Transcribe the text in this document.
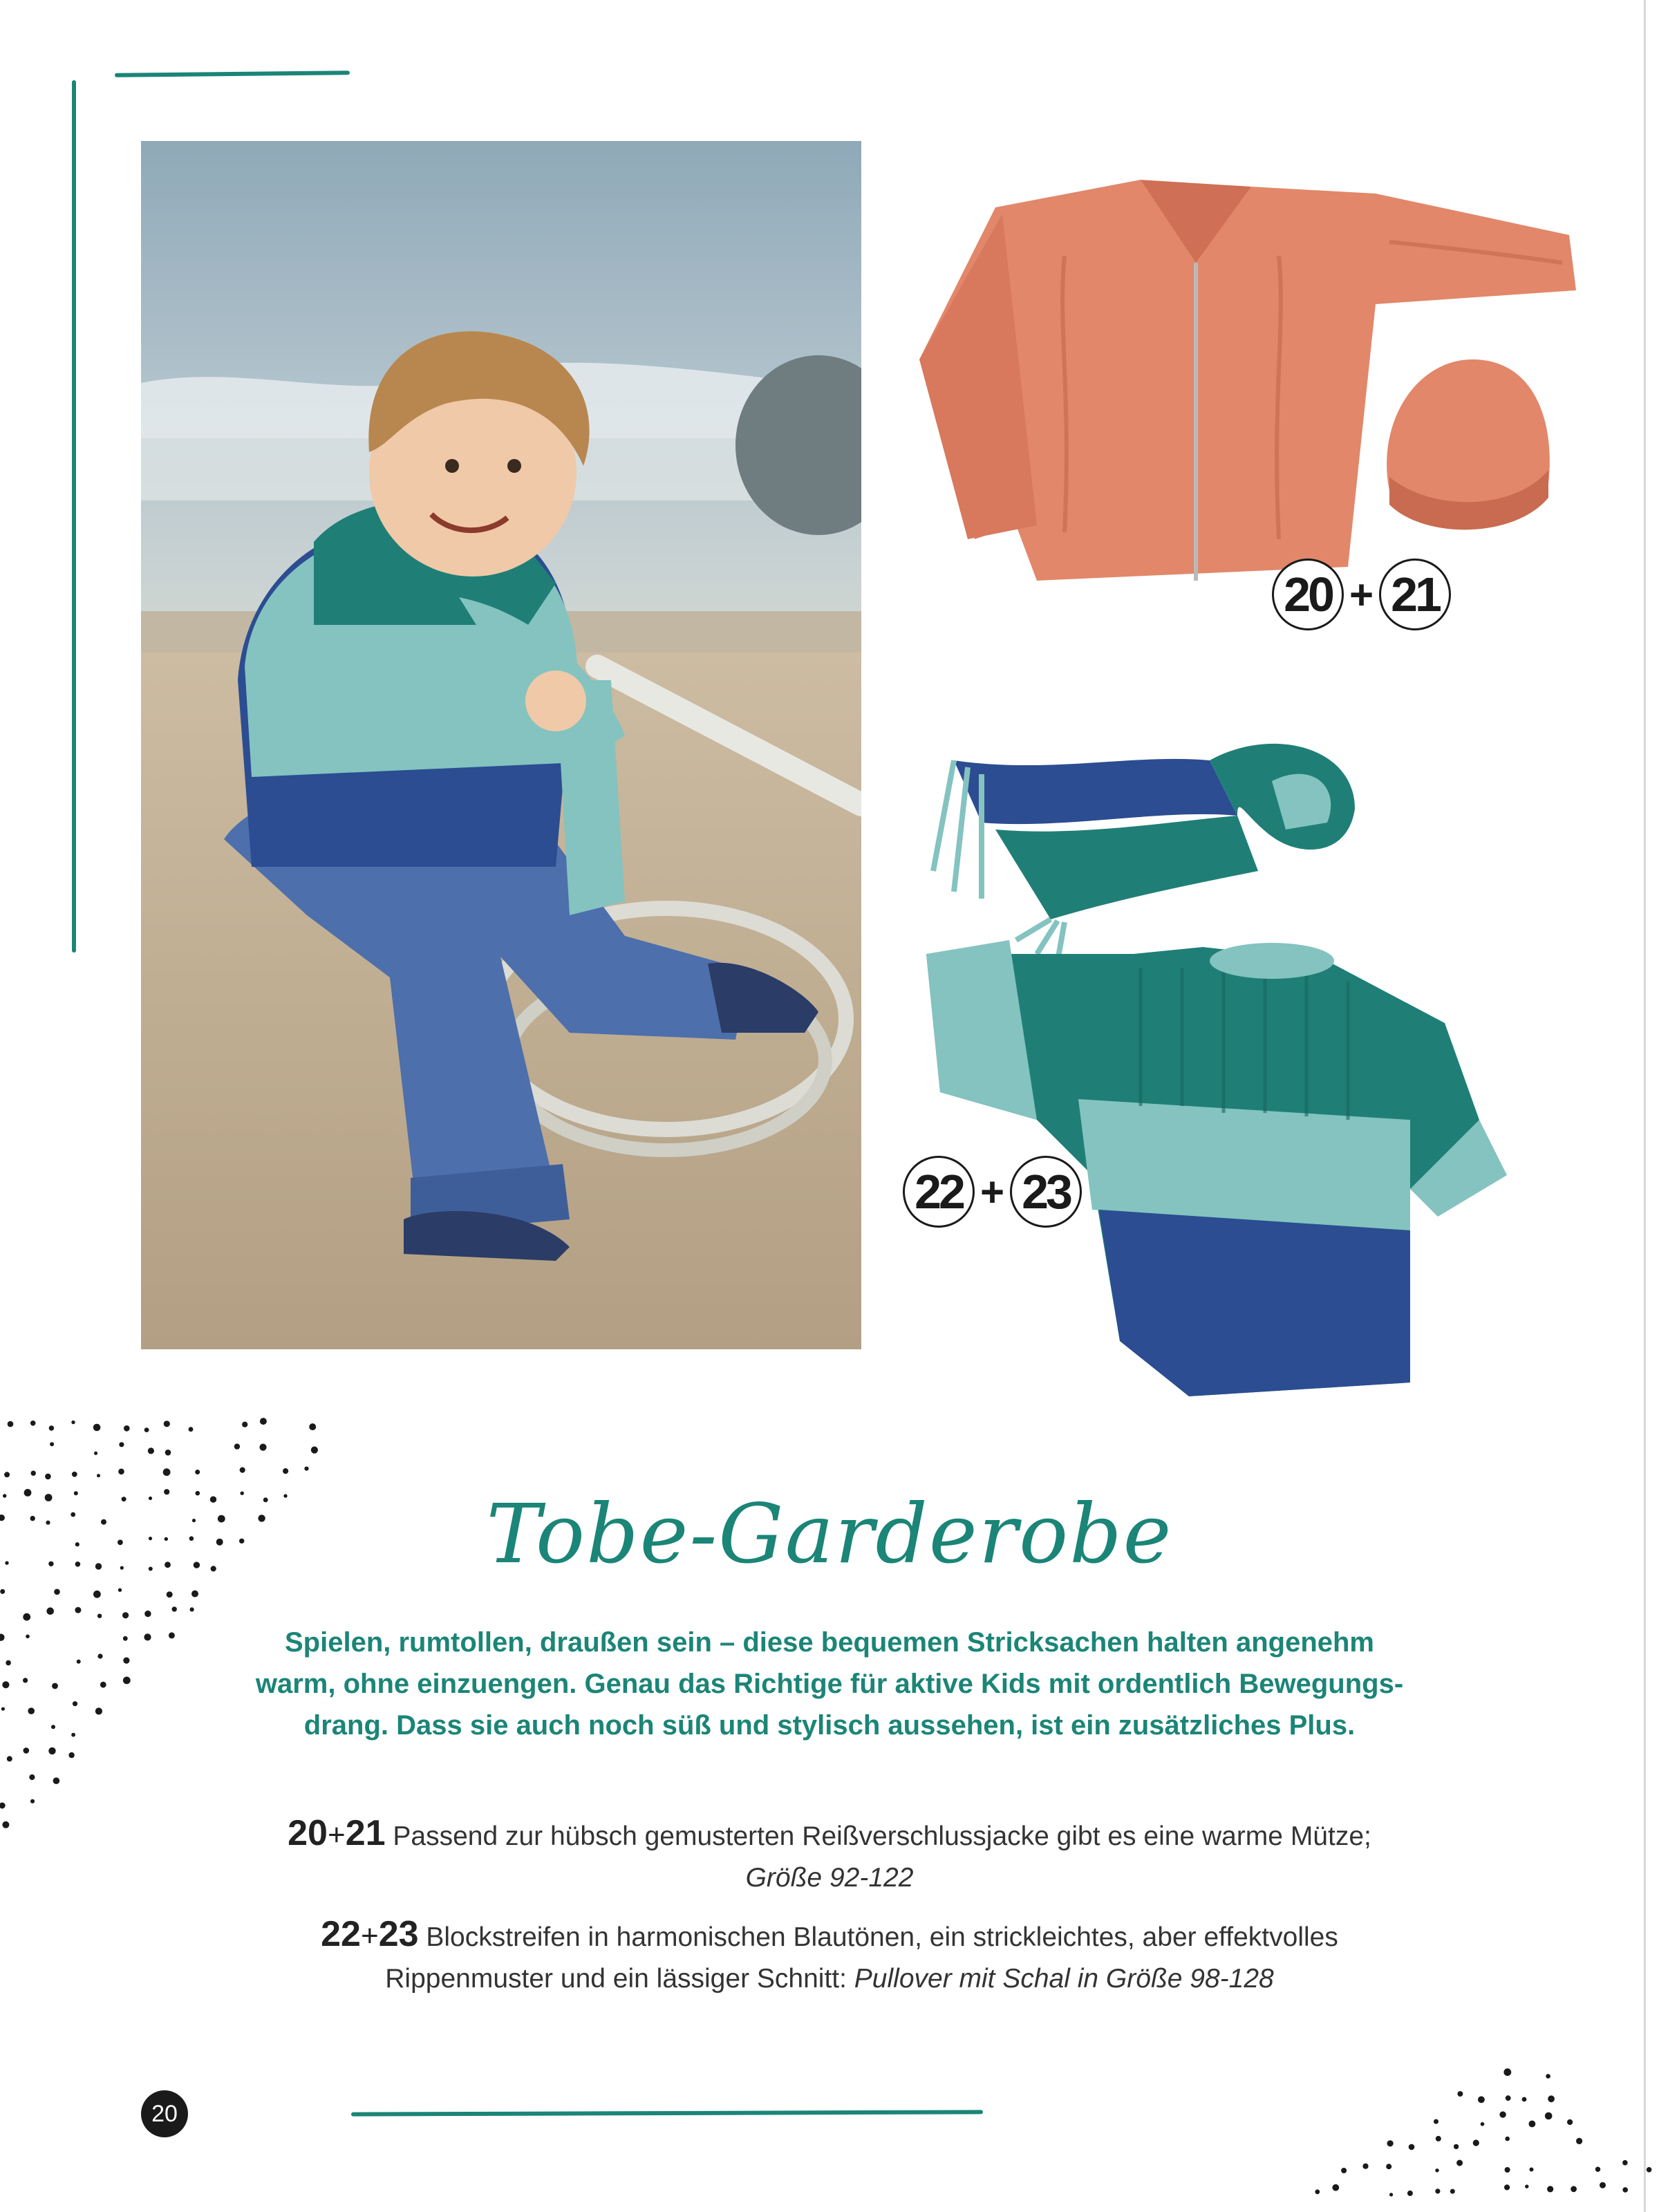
20 + 21
22 + 23
Tobe-Garderobe
Spielen, rumtollen, draußen sein – diese bequemen Stricksachen halten angenehm
warm, ohne einzuengen. Genau das Richtige für aktive Kids mit ordentlich Bewegungs-
drang. Dass sie auch noch süß und stylisch aussehen, ist ein zusätzliches Plus.
20+21 Passend zur hübsch gemusterten Reißverschlussjacke gibt es eine warme Mütze;
Größe 92-122
22+23 Blockstreifen in harmonischen Blautönen, ein strickleichtes, aber effektvolles
Rippenmuster und ein lässiger Schnitt: Pullover mit Schal in Größe 98-128
20
